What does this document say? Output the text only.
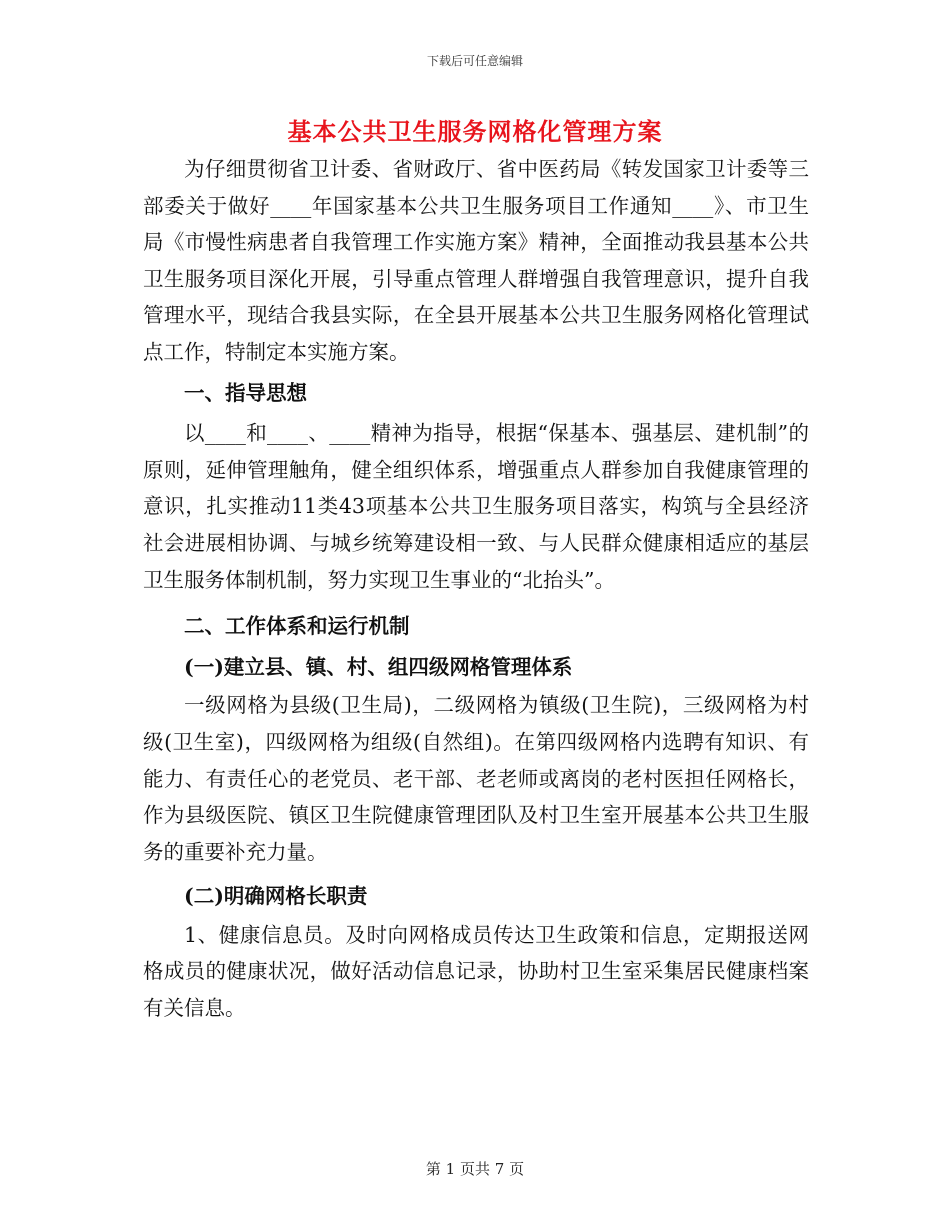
下载后可任意编辑
基本公共卫生服务网格化管理方案

为仔细贯彻省卫计委、省财政厅、省中医药局《转发国家卫计委等三部委关于做好____年国家基本公共卫生服务项目工作通知____》、市卫生局《市慢性病患者自我管理工作实施方案》精神，全面推动我县基本公共卫生服务项目深化开展，引导重点管理人群增强自我管理意识，提升自我管理水平，现结合我县实际，在全县开展基本公共卫生服务网格化管理试点工作，特制定本实施方案。

一、指导思想

以____和____、____精神为指导，根据“保基本、强基层、建机制”的原则，延伸管理触角，健全组织体系，增强重点人群参加自我健康管理的意识，扎实推动11类43项基本公共卫生服务项目落实，构筑与全县经济社会进展相协调、与城乡统筹建设相一致、与人民群众健康相适应的基层卫生服务体制机制，努力实现卫生事业的“北抬头”。

二、工作体系和运行机制

(一)建立县、镇、村、组四级网格管理体系

一级网格为县级(卫生局)，二级网格为镇级(卫生院)，三级网格为村级(卫生室)，四级网格为组级(自然组)。在第四级网格内选聘有知识、有能力、有责任心的老党员、老干部、老老师或离岗的老村医担任网格长，作为县级医院、镇区卫生院健康管理团队及村卫生室开展基本公共卫生服务的重要补充力量。

(二)明确网格长职责

1、健康信息员。及时向网格成员传达卫生政策和信息，定期报送网格成员的健康状况，做好活动信息记录，协助村卫生室采集居民健康档案有关信息。

第 1 页共 7 页
